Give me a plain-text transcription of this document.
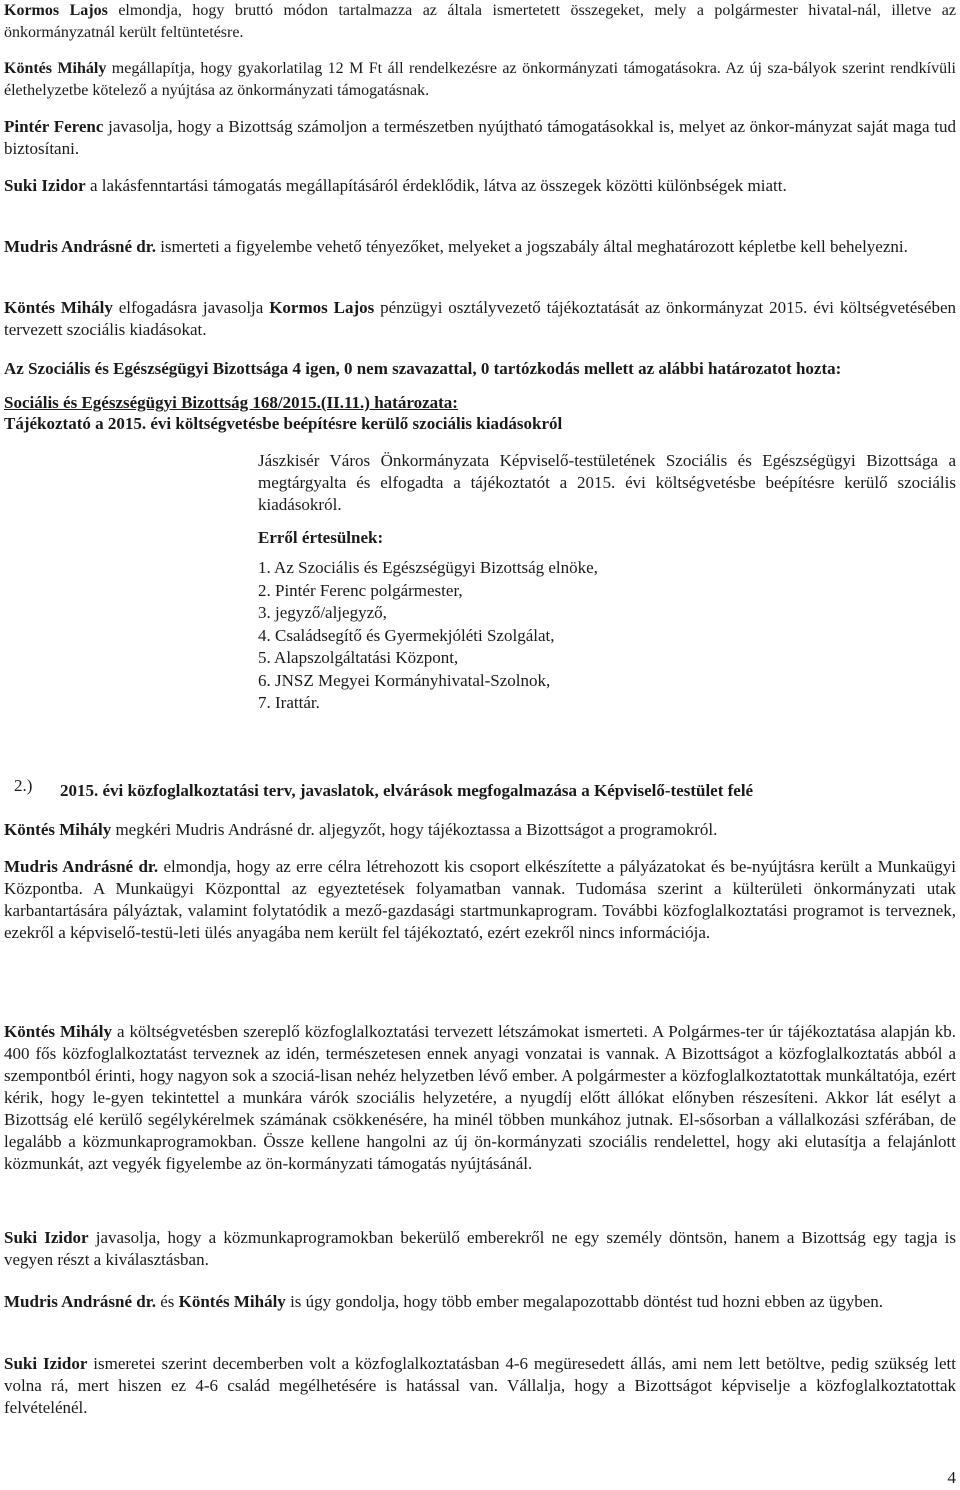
Kormos Lajos elmondja, hogy bruttó módon tartalmazza az általa ismertetett összegeket, mely a polgármester hivatal-nál, illetve az önkormányzatnál került feltüntetésre.

Köntés Mihály megállapítja, hogy gyakorlatilag 12 M Ft áll rendelkezésre az önkormányzati támogatásokra. Az új sza-bályok szerint rendkívüli élethelyzetbe kötelező a nyújtása az önkormányzati támogatásnak.

Pintér Ferenc javasolja, hogy a Bizottság számoljon a természetben nyújtható támogatásokkal is, melyet az önkor-mányzat saját maga tud biztosítani.

Suki Izidor a lakásfenntartási támogatás megállapításáról érdeklődik, látva az összegek közötti különbségek miatt.

Mudris Andrásné dr. ismerteti a figyelembe vehető tényezőket, melyeket a jogszabály által meghatározott képletbe kell behelyezni.

Köntés Mihály elfogadásra javasolja Kormos Lajos pénzügyi osztályvezető tájékoztatását az önkormányzat 2015. évi költségvetésében tervezett szociális kiadásokat.

Az Szociális és Egészségügyi Bizottsága 4 igen, 0 nem szavazattal, 0 tartózkodás mellett az alábbi határozatot hozta:

Sociális és Egészségügyi Bizottság 168/2015.(II.11.) határozata:
Tájékoztató a 2015. évi költségvetésbe beépítésre kerülő szociális kiadásokról
Jászkisér Város Önkormányzata Képviselő-testületének Szociális és Egészségügyi Bizottsága a megtárgyalta és elfogadta a tájékoztatót a 2015. évi költségvetésbe beépítésre kerülő szociális kiadásokról.
Erről értesülnek:
1. Az Szociális és Egészségügyi Bizottság elnöke,
2. Pintér Ferenc polgármester,
3. jegyző/aljegyző,
4. Családsegítő és Gyermekjóléti Szolgálat,
5. Alapszolgáltatási Központ,
6. JNSZ Megyei Kormányhivatal-Szolnok,
7. Irattár.
2.) 2015. évi közfoglalkoztatási terv, javaslatok, elvárások megfogalmazása a Képviselő-testület felé

Köntés Mihály megkéri Mudris Andrásné dr. aljegyzőt, hogy tájékoztassa a Bizottságot a programokról.

Mudris Andrásné dr. elmondja, hogy az erre célra létrehozott kis csoport elkészítette a pályázatokat és be-nyújtásra került a Munkaügyi Központba. A Munkaügyi Központtal az egyeztetések folyamatban vannak. Tudomása szerint a külterületi önkormányzati utak karbantartására pályáztak, valamint folytatódik a mező-gazdasági startmunkaprogram. További közfoglalkoztatási programot is terveznek, ezekről a képviselő-testü-leti ülés anyagába nem került fel tájékoztató, ezért ezekről nincs információja.

Köntés Mihály a költségvetésben szereplő közfoglalkoztatási tervezett létszámokat ismerteti. A Polgármes-ter úr tájékoztatása alapján kb. 400 fős közfoglalkoztatást terveznek az idén, természetesen ennek anyagi vonzatai is vannak. A Bizottságot a közfoglalkoztatás abból a szempontból érinti, hogy nagyon sok a szociá-lisan nehéz helyzetben lévő ember. A polgármester a közfoglalkoztatottak munkáltatója, ezért kérik, hogy le-gyen tekintettel a munkára várók szociális helyzetére, a nyugdíj előtt állókat előnyben részesíteni. Akkor lát esélyt a Bizottság elé kerülő segélykérelmek számának csökkenésére, ha minél többen munkához jutnak. El-sősorban a vállalkozási szférában, de legalább a közmunkaprogramokban. Össze kellene hangolni az új ön-kormányzati szociális rendelettel, hogy aki elutasítja a felajánlott közmunkát, azt vegyék figyelembe az ön-kormányzati támogatás nyújtásánál.

Suki Izidor javasolja, hogy a közmunkaprogramokban bekerülő emberekről ne egy személy döntsön, hanem a Bizottság egy tagja is vegyen részt a kiválasztásban.

Mudris Andrásné dr. és Köntés Mihály is úgy gondolja, hogy több ember megalapozottabb döntést tud hozni ebben az ügyben.

Suki Izidor ismeretei szerint decemberben volt a közfoglalkoztatásban 4-6 megüresedett állás, ami nem lett betöltve, pedig szükség lett volna rá, mert hiszen ez 4-6 család megélhetésére is hatással van. Vállalja, hogy a Bizottságot képviselje a közfoglalkoztatottak felvételénél.

4
